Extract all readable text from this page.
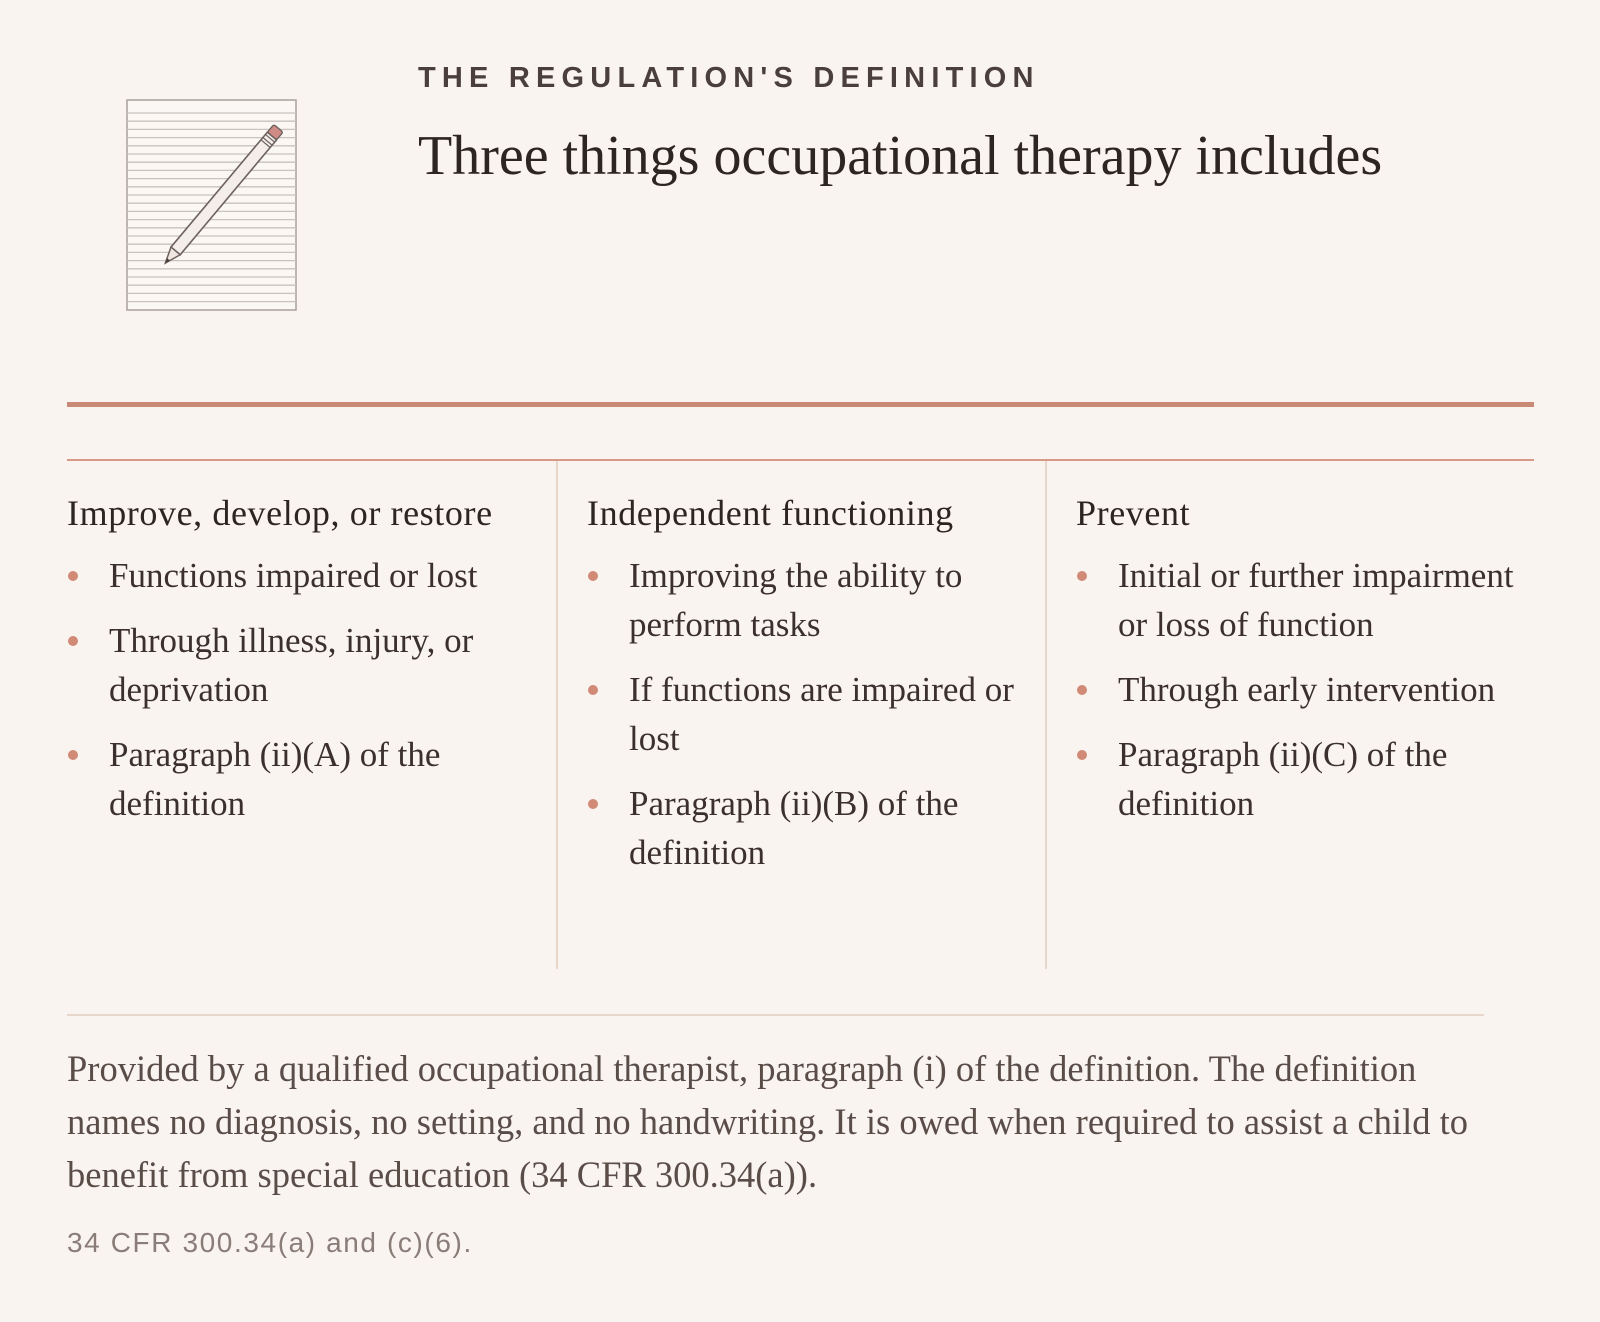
THE REGULATION'S DEFINITION

Three things occupational therapy includes
Improve, develop, or restore
Functions impaired or lost
Through illness, injury, or deprivation
Paragraph (ii)(A) of the definition
Independent functioning
Improving the ability to perform tasks
If functions are impaired or lost
Paragraph (ii)(B) of the definition
Prevent
Initial or further impairment or loss of function
Through early intervention
Paragraph (ii)(C) of the definition

Provided by a qualified occupational therapist, paragraph (i) of the definition. The definition names no diagnosis, no setting, and no handwriting. It is owed when required to assist a child to benefit from special education (34 CFR 300.34(a)).

34 CFR 300.34(a) and (c)(6).
